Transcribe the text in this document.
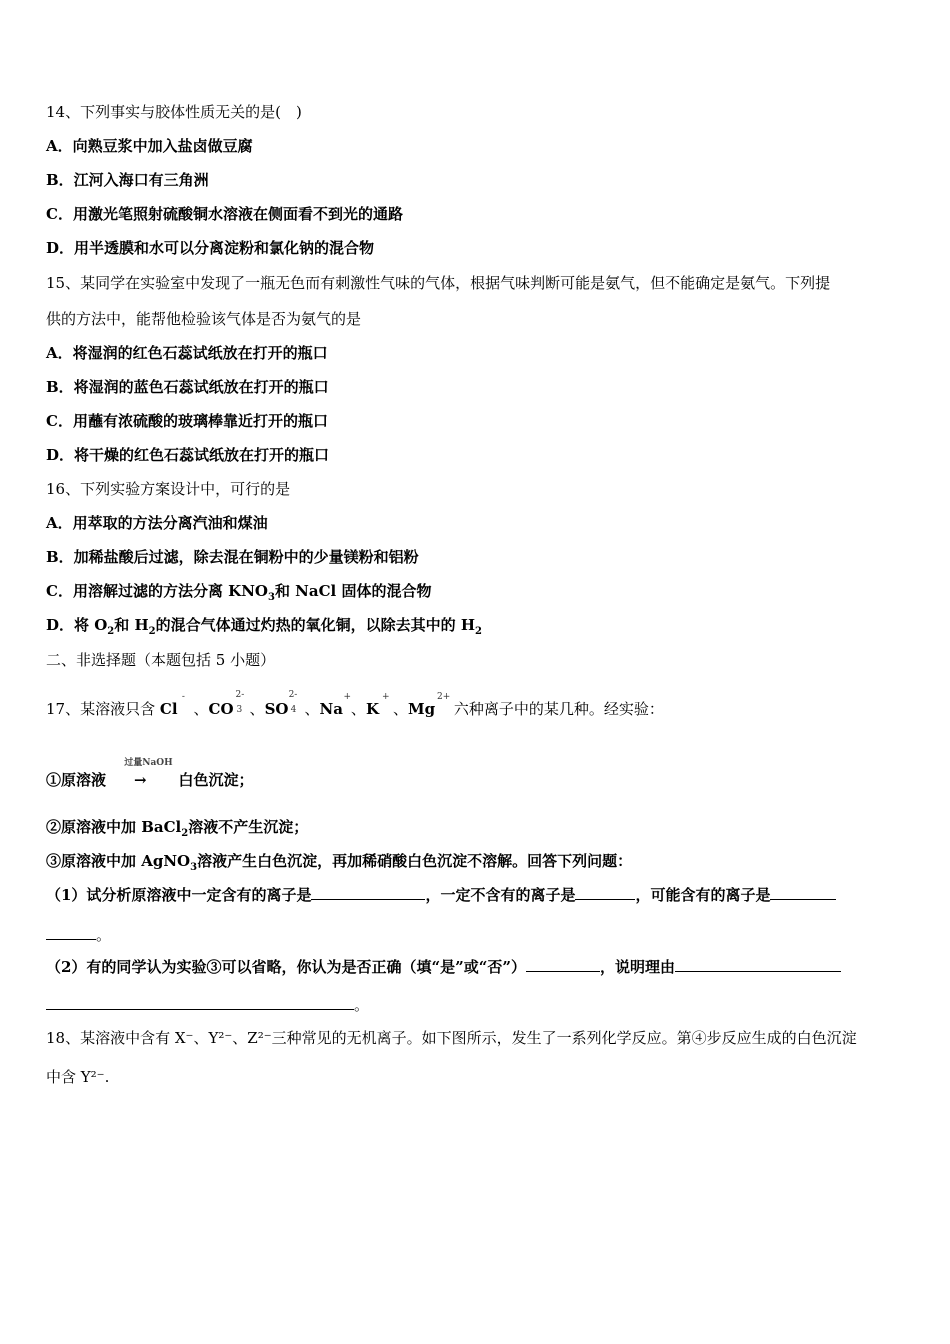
14、下列事实与胶体性质无关的是(　)
A．向熟豆浆中加入盐卤做豆腐
B．江河入海口有三角洲
C．用激光笔照射硫酸铜水溶液在侧面看不到光的通路
D．用半透膜和水可以分离淀粉和氯化钠的混合物
15、某同学在实验室中发现了一瓶无色而有刺激性气味的气体，根据气味判断可能是氨气，但不能确定是氨气。下列提
供的方法中，能帮他检验该气体是否为氨气的是
A．将湿润的红色石蕊试纸放在打开的瓶口
B．将湿润的蓝色石蕊试纸放在打开的瓶口
C．用蘸有浓硫酸的玻璃棒靠近打开的瓶口
D．将干燥的红色石蕊试纸放在打开的瓶口
16、下列实验方案设计中，可行的是
A．用萃取的方法分离汽油和煤油
B．加稀盐酸后过滤，除去混在铜粉中的少量镁粉和铝粉
C．用溶解过滤的方法分离 $KNO_3$和 NaCl 固体的混合物
D．将 $O_2$和 $H_2$的混合气体通过灼热的氧化铜，以除去其中的 $H_2$
二、非选择题（本题包括 5 小题）
17、某溶液只含 Cl
-
、CO
2-
3 、SO
2-
4 、Na
+
、K
+
、Mg
2+
六种离子中的某几种。经实验：
①原溶液
过量NaOH
→ 白色沉淀；
②原溶液中加 BaCl$_2$溶液不产生沉淀；
③原溶液中加 AgNO$_3$溶液产生白色沉淀，再加稀硝酸白色沉淀不溶解。回答下列问题：
（1）试分析原溶液中一定含有的离子是	，一定不含有的离子是	，可能含有的离子是
。
（2）有的同学认为实验③可以省略，你认为是否正确（填“是”或“否”）	，说明理由
。
18、某溶液中含有 X⁻、Y²⁻、Z²⁻三种常见的无机离子。如下图所示，发生了一系列化学反应。第④步反应生成的白色沉淀
中含 Y²⁻.
